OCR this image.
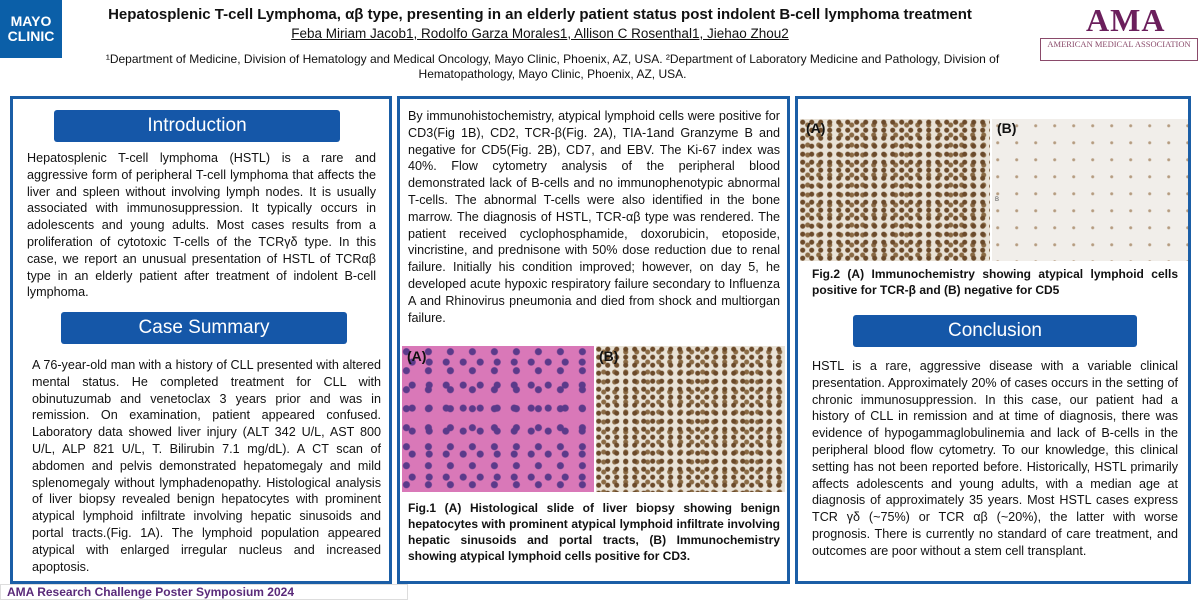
MAYO
CLINIC
Hepatosplenic T-cell Lymphoma, αβ type, presenting in an elderly patient status post indolent B-cell lymphoma treatment
Feba Miriam Jacob1, Rodolfo Garza Morales1, Allison C Rosenthal1, Jiehao Zhou2
¹Department of Medicine, Division of Hematology and Medical Oncology, Mayo Clinic, Phoenix, AZ, USA. ²Department of Laboratory Medicine and Pathology, Division of Hematopathology, Mayo Clinic, Phoenix, AZ, USA.
AMA
AMERICAN MEDICAL ASSOCIATION
Introduction
Hepatosplenic T-cell lymphoma (HSTL) is a rare and aggressive form of peripheral T-cell lymphoma that affects the liver and spleen without involving lymph nodes. It is usually associated with immunosuppression. It typically occurs in adolescents and young adults. Most cases results from a proliferation of cytotoxic T-cells of the TCRγδ type. In this case, we report an unusual presentation of HSTL of TCRαβ type in an elderly patient after treatment of indolent B-cell lymphoma.
Case Summary
A 76-year-old man with a history of CLL presented with altered mental status. He completed treatment for CLL with obinutuzumab and venetoclax 3 years prior and was in remission. On examination, patient appeared confused. Laboratory data showed liver injury (ALT 342 U/L, AST 800 U/L, ALP 821 U/L, T. Bilirubin 7.1 mg/dL). A CT scan of abdomen and pelvis demonstrated hepatomegaly and mild splenomegaly without lymphadenopathy. Histological analysis of liver biopsy revealed benign hepatocytes with prominent atypical lymphoid infiltrate involving hepatic sinusoids and portal tracts.(Fig. 1A). The lymphoid population appeared atypical with enlarged irregular nucleus and increased apoptosis.
By immunohistochemistry, atypical lymphoid cells were positive for CD3(Fig 1B), CD2, TCR-β(Fig. 2A), TIA-1and Granzyme B and negative for CD5(Fig. 2B), CD7, and EBV. The Ki-67 index was 40%. Flow cytometry analysis of the peripheral blood demonstrated lack of B-cells and no immunophenotypic abnormal T-cells. The abnormal T-cells were also identified in the bone marrow. The diagnosis of HSTL, TCR-αβ type was rendered. The patient received cyclophosphamide, doxorubicin, etoposide, vincristine, and prednisone with 50% dose reduction due to renal failure. Initially his condition improved; however, on day 5, he developed acute hypoxic respiratory failure secondary to Influenza A and Rhinovirus pneumonia and died from shock and multiorgan failure.
(A)	(B)
Fig.1 (A) Histological slide of liver biopsy showing benign hepatocytes with prominent atypical lymphoid infiltrate involving hepatic sinusoids and portal tracts, (B) Immunochemistry showing atypical lymphoid cells positive for CD3.
(A)	(B)
B
Fig.2 (A) Immunochemistry showing atypical lymphoid cells positive for TCR-β and (B) negative for CD5
Conclusion
HSTL is a rare, aggressive disease with a variable clinical presentation. Approximately 20% of cases occurs in the setting of chronic immunosuppression. In this case, our patient had a history of CLL in remission and at time of diagnosis, there was evidence of hypogammaglobulinemia and lack of B-cells in the peripheral blood flow cytometry. To our knowledge, this clinical setting has not been reported before. Historically, HSTL primarily affects adolescents and young adults, with a median age at diagnosis of approximately 35 years. Most HSTL cases express TCR γδ (~75%) or TCR αβ (~20%), the latter with worse prognosis. There is currently no standard of care treatment, and outcomes are poor without a stem cell transplant.
AMA Research Challenge Poster Symposium 2024
